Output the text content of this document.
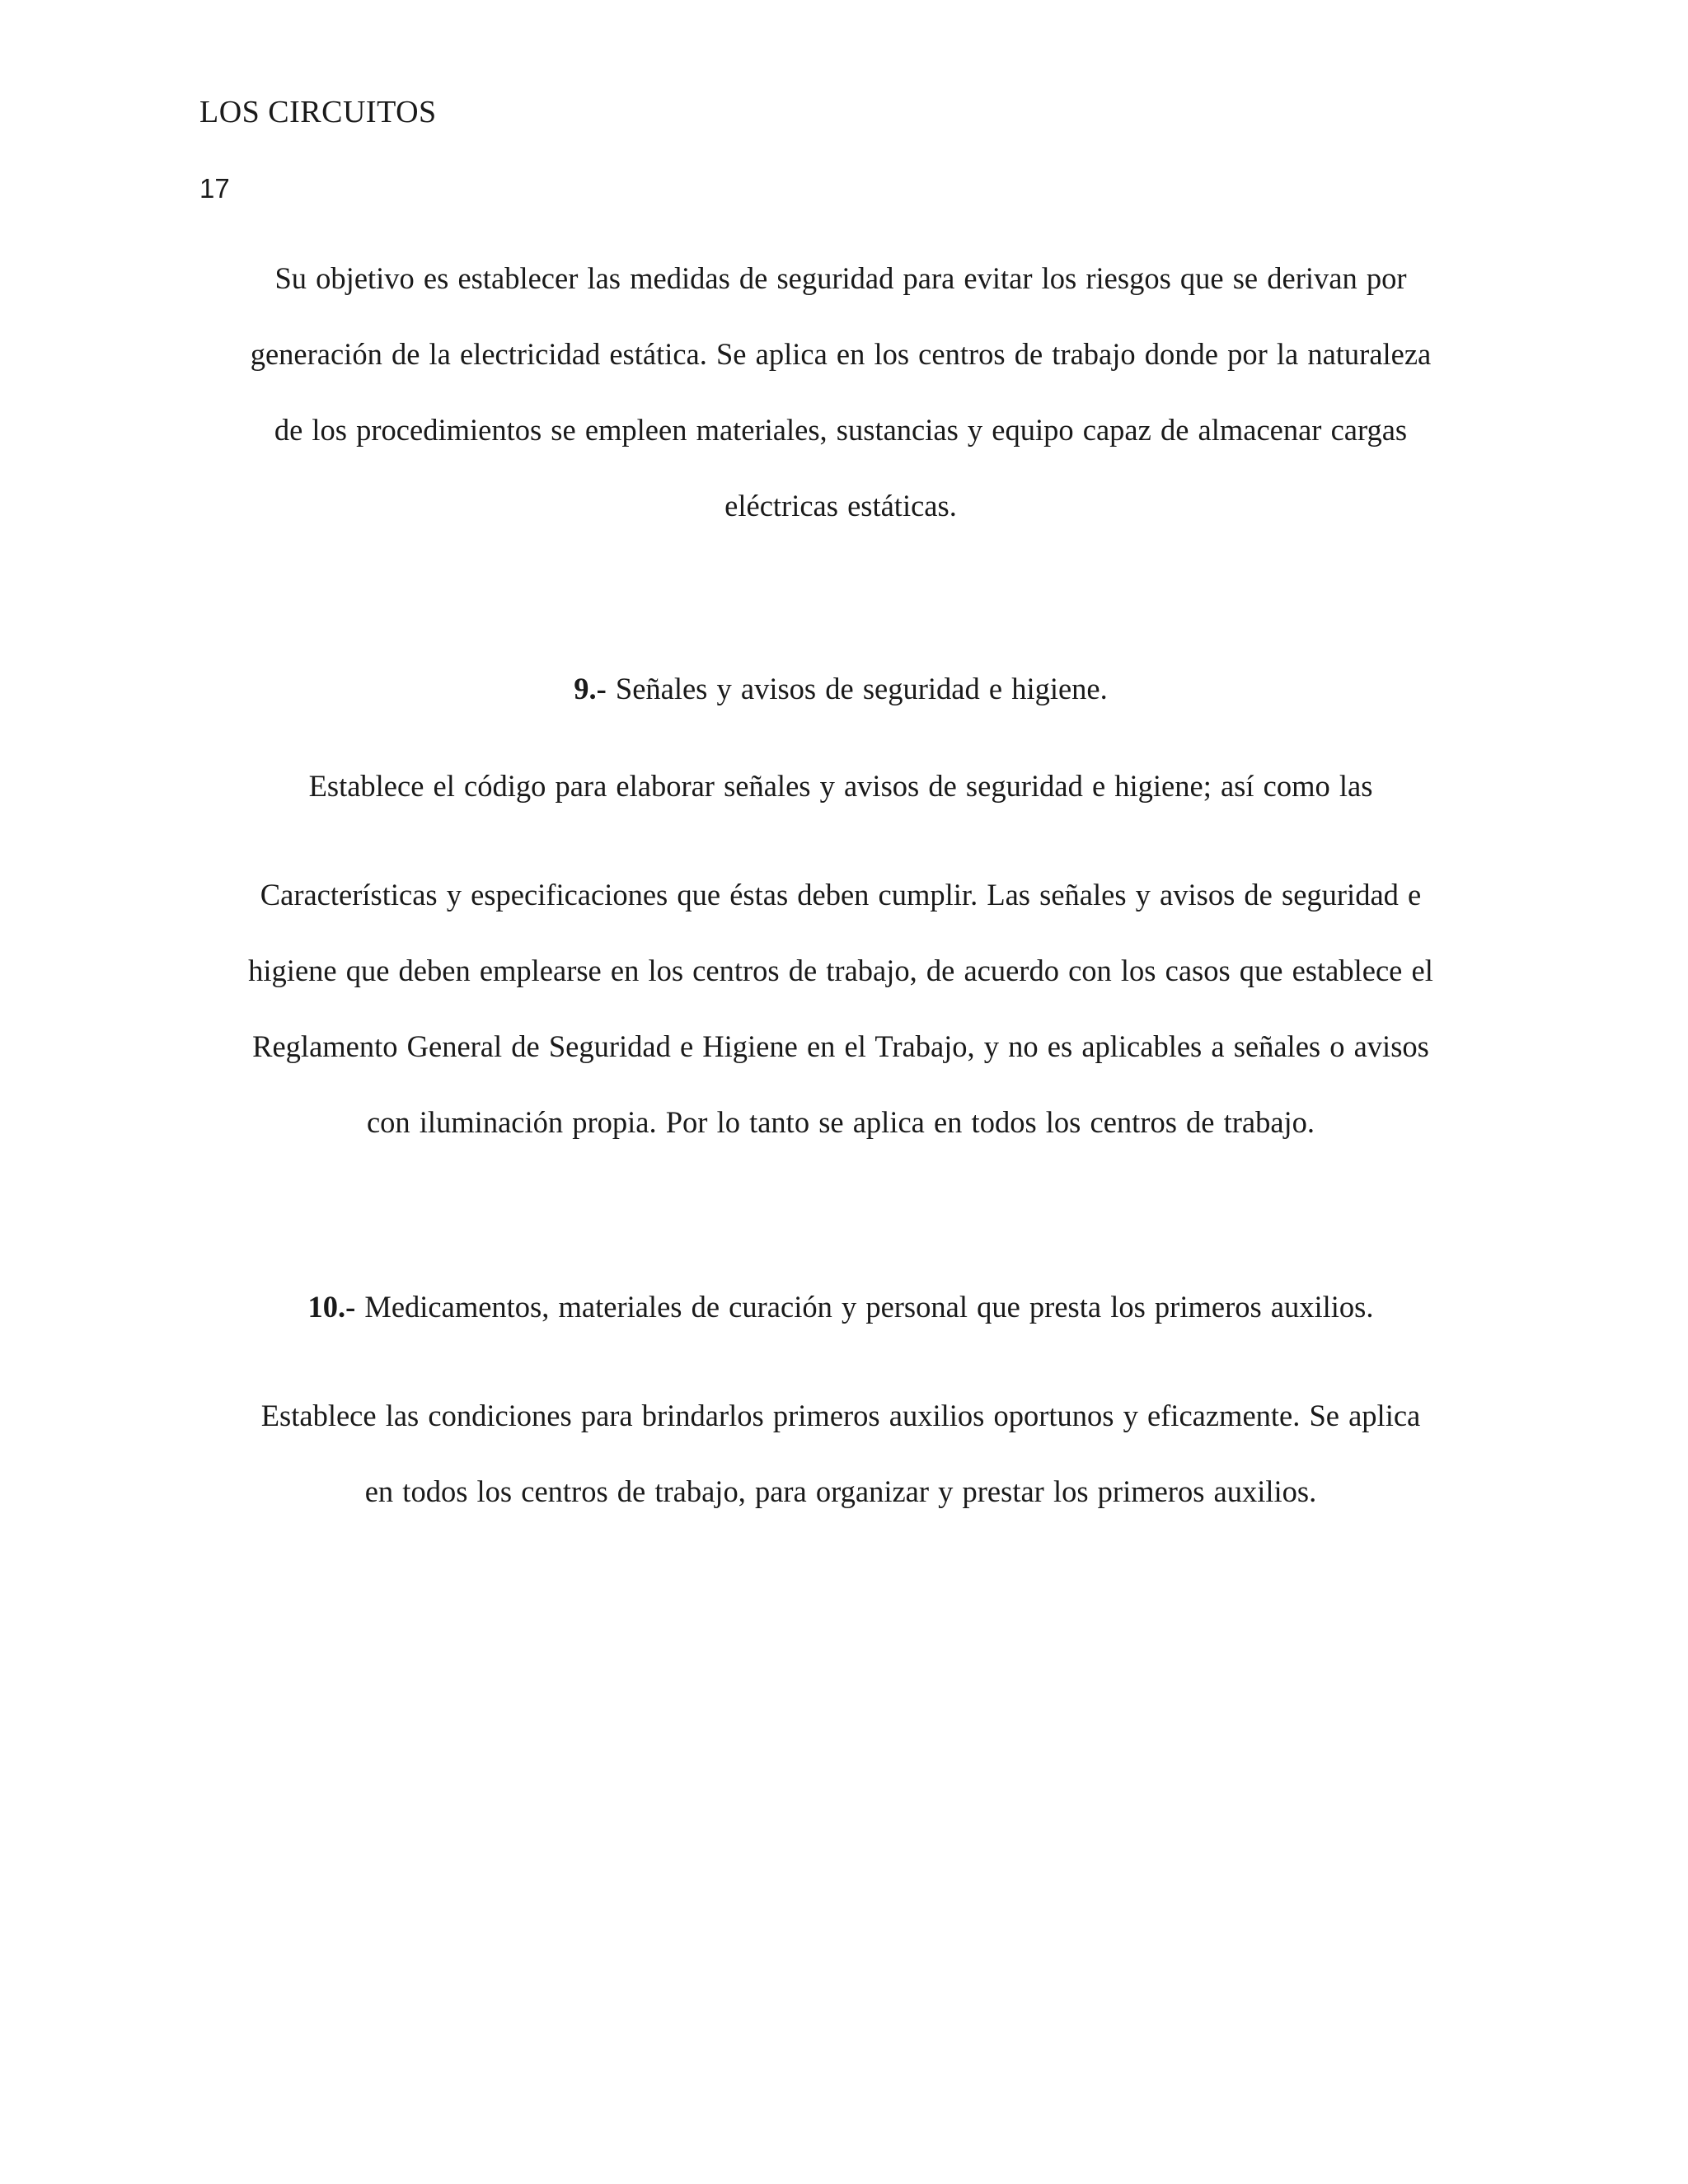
LOS CIRCUITOS
17
Su objetivo es establecer las medidas de seguridad para evitar los riesgos que se derivan por
generación de la electricidad estática. Se aplica en los centros de trabajo donde por la naturaleza
de los procedimientos se empleen materiales, sustancias y equipo capaz de almacenar cargas
eléctricas estáticas.
9.- Señales y avisos de seguridad e higiene.
Establece el código para elaborar señales y avisos de seguridad e higiene; así como las
Características y especificaciones que éstas deben cumplir. Las señales y avisos de seguridad e
higiene que deben emplearse en los centros de trabajo, de acuerdo con los casos que establece el
Reglamento General de Seguridad e Higiene en el Trabajo, y no es aplicables a señales o avisos
con iluminación propia. Por lo tanto se aplica en todos los centros de trabajo.
10.- Medicamentos, materiales de curación y personal que presta los primeros auxilios.
Establece las condiciones para brindarlos primeros auxilios oportunos y eficazmente. Se aplica
en todos los centros de trabajo, para organizar y prestar los primeros auxilios.
